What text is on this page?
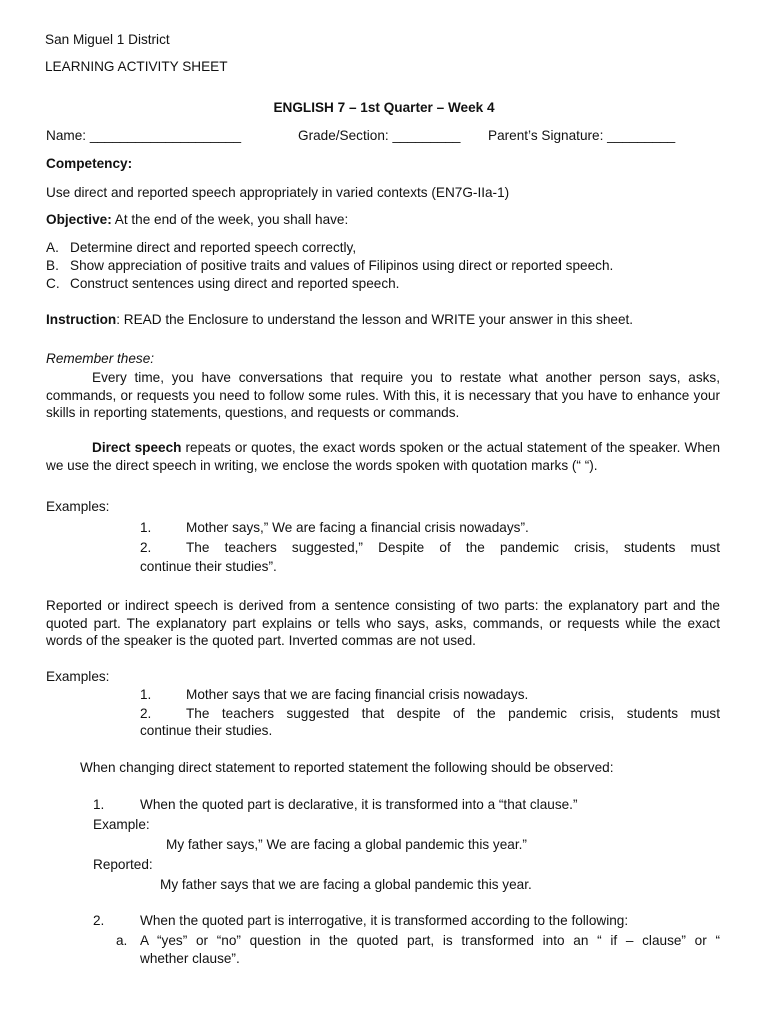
San Miguel 1 District
LEARNING ACTIVITY SHEET
ENGLISH 7 – 1st Quarter – Week 4
Name: ____________________	Grade/Section: _________ Parent’s Signature: _________
Competency:
Use direct and reported speech appropriately in varied contexts (EN7G-IIa-1)
Objective: At the end of the week, you shall have:
A. Determine direct and reported speech correctly,
B. Show appreciation of positive traits and values of Filipinos using direct or reported speech.
C. Construct sentences using direct and reported speech.
Instruction: READ the Enclosure to understand the lesson and WRITE your answer in this sheet.
Remember these:
Every time, you have conversations that require you to restate what another person says, asks, commands, or requests you need to follow some rules. With this, it is necessary that you have to enhance your skills in reporting statements, questions, and requests or commands.
Direct speech repeats or quotes, the exact words spoken or the actual statement of the speaker. When we use the direct speech in writing, we enclose the words spoken with quotation marks (“ “).
Examples:
1.	Mother says,” We are facing a financial crisis nowadays”.
2.	The teachers suggested,” Despite of the pandemic crisis, students must
continue their studies”.
Reported or indirect speech is derived from a sentence consisting of two parts: the explanatory part and the quoted part. The explanatory part explains or tells who says, asks, commands, or requests while the exact words of the speaker is the quoted part. Inverted commas are not used.
Examples:
1.	Mother says that we are facing financial crisis nowadays.
2.	The teachers suggested that despite of the pandemic crisis, students must
continue their studies.
When changing direct statement to reported statement the following should be observed:
1.	When the quoted part is declarative, it is transformed into a “that clause.”
Example:
My father says,” We are facing a global pandemic this year.”
Reported:
My father says that we are facing a global pandemic this year.
2.	When the quoted part is interrogative, it is transformed according to the following:
a. A “yes” or “no” question in the quoted part, is transformed into an “ if – clause” or “
whether clause”.
